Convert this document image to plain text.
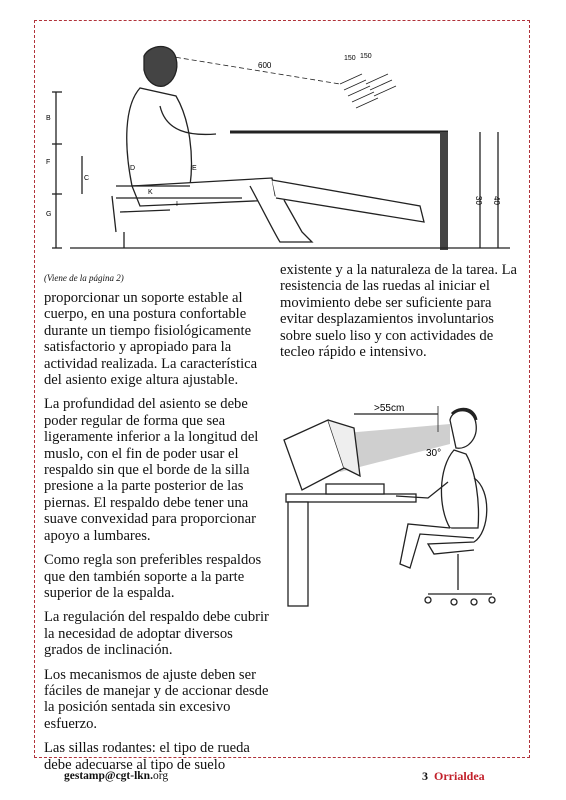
600
150 150
B
F
G
D	E
K
I
C
30 40
(Viene de la página 2)

proporcionar un soporte estable al cuerpo, en una postura confortable durante un tiempo fisiológicamente satisfactorio y apropiado para la actividad realizada. La característica del asiento exige altura ajustable.

La profundidad del asiento se debe poder regular de forma que sea ligeramente inferior a la longitud del muslo, con el fin de poder usar el respaldo sin que el borde de la silla presione a la parte posterior de las piernas. El respaldo debe tener una suave convexidad para proporcionar apoyo a lumbares.

Como regla son preferibles respaldos que den también soporte a la parte superior de la espalda.

La regulación del respaldo debe cubrir la necesidad de adoptar diversos grados de inclinación.

Los mecanismos de ajuste deben ser fáciles de manejar y de accionar desde la posición sentada sin excesivo esfuerzo.

Las sillas rodantes: el tipo de rueda debe adecuarse al tipo de suelo

existente y a la naturaleza de la tarea. La resistencia de las ruedas al iniciar el movimiento debe ser suficiente para evitar desplazamientos involuntarios sobre suelo liso y con actividades de tecleo rápido e intensivo.

>55cm
30°
gestamp@cgt-lkn.org	3 Orrialdea
